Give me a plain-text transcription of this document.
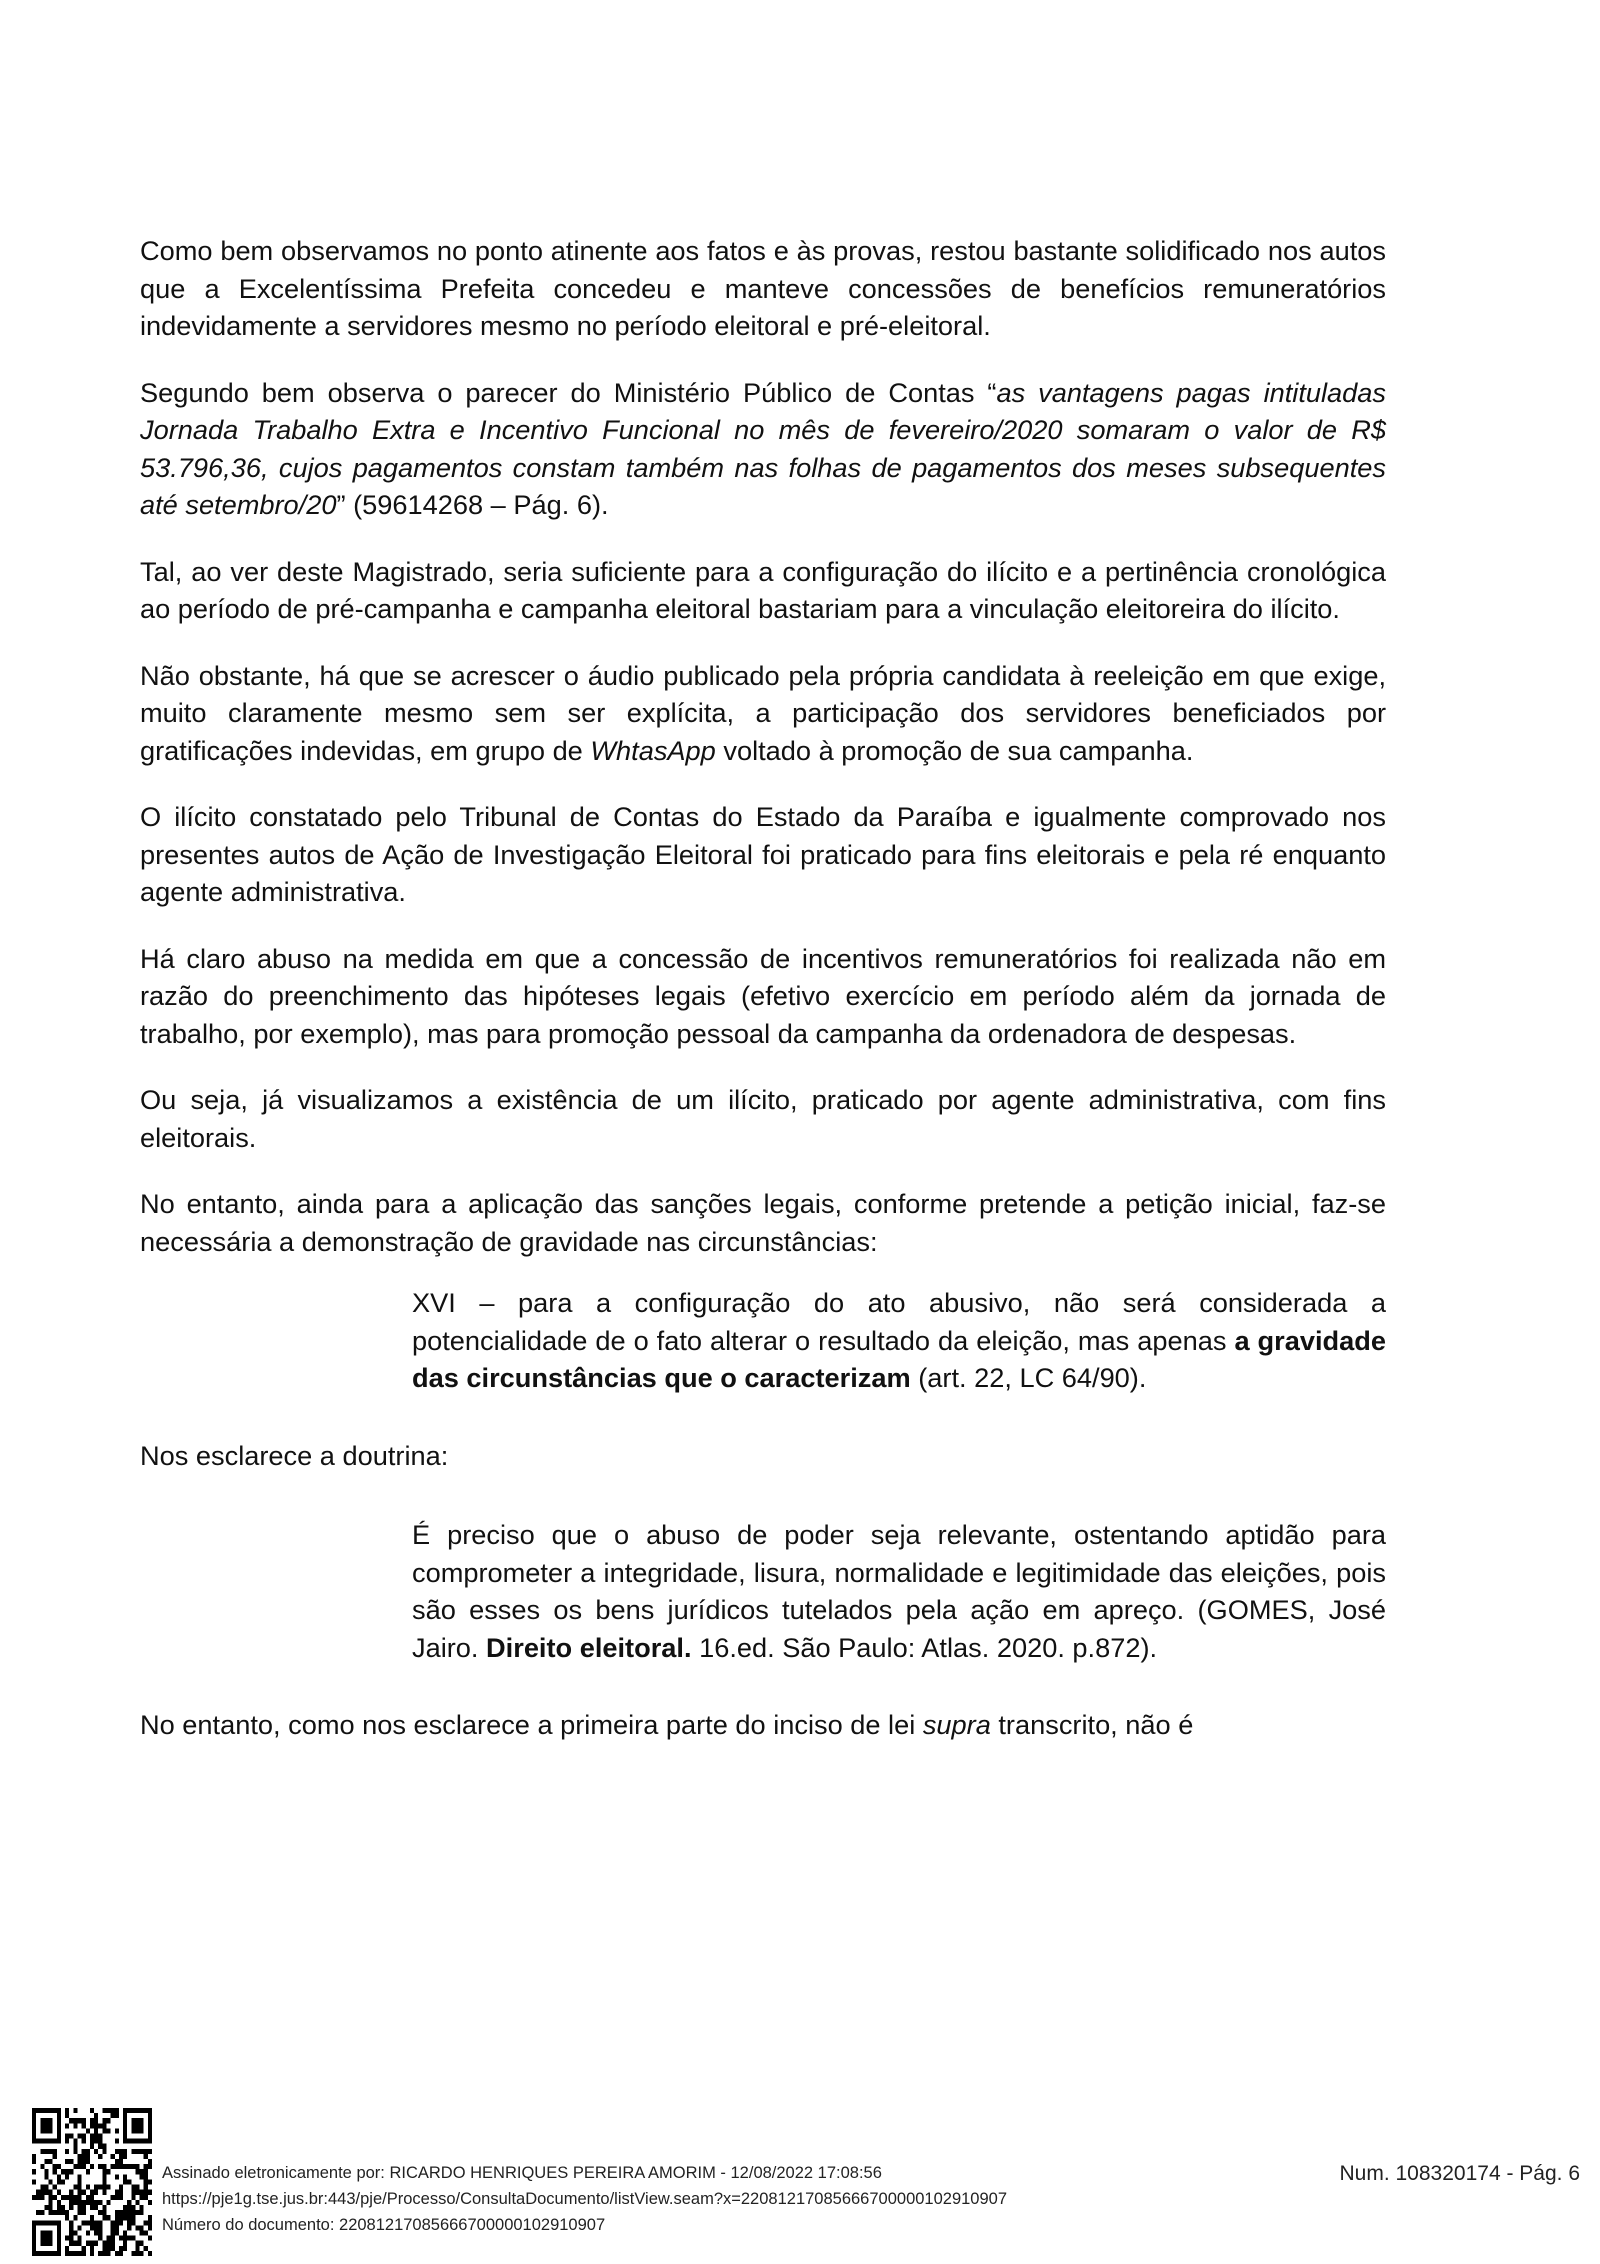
Como bem observamos no ponto atinente aos fatos e às provas, restou bastante solidificado nos autos que a Excelentíssima Prefeita concedeu e manteve concessões de benefícios remuneratórios indevidamente a servidores mesmo no período eleitoral e pré-eleitoral.

Segundo bem observa o parecer do Ministério Público de Contas “as vantagens pagas intituladas Jornada Trabalho Extra e Incentivo Funcional no mês de fevereiro/2020 somaram o valor de R$ 53.796,36, cujos pagamentos constam também nas folhas de pagamentos dos meses subsequentes até setembro/20” (59614268 – Pág. 6).

Tal, ao ver deste Magistrado, seria suficiente para a configuração do ilícito e a pertinência cronológica ao período de pré-campanha e campanha eleitoral bastariam para a vinculação eleitoreira do ilícito.

Não obstante, há que se acrescer o áudio publicado pela própria candidata à reeleição em que exige, muito claramente mesmo sem ser explícita, a participação dos servidores beneficiados por gratificações indevidas, em grupo de WhtasApp voltado à promoção de sua campanha.

O ilícito constatado pelo Tribunal de Contas do Estado da Paraíba e igualmente comprovado nos presentes autos de Ação de Investigação Eleitoral foi praticado para fins eleitorais e pela ré enquanto agente administrativa.

Há claro abuso na medida em que a concessão de incentivos remuneratórios foi realizada não em razão do preenchimento das hipóteses legais (efetivo exercício em período além da jornada de trabalho, por exemplo), mas para promoção pessoal da campanha da ordenadora de despesas.

Ou seja, já visualizamos a existência de um ilícito, praticado por agente administrativa, com fins eleitorais.

No entanto, ainda para a aplicação das sanções legais, conforme pretende a petição inicial, faz-se necessária a demonstração de gravidade nas circunstâncias:

XVI – para a configuração do ato abusivo, não será considerada a potencialidade de o fato alterar o resultado da eleição, mas apenas a gravidade das circunstâncias que o caracterizam (art. 22, LC 64/90).

Nos esclarece a doutrina:

É preciso que o abuso de poder seja relevante, ostentando aptidão para comprometer a integridade, lisura, normalidade e legitimidade das eleições, pois são esses os bens jurídicos tutelados pela ação em apreço. (GOMES, José Jairo. Direito eleitoral. 16.ed. São Paulo: Atlas. 2020. p.872).

No entanto, como nos esclarece a primeira parte do inciso de lei supra transcrito, não é

Assinado eletronicamente por: RICARDO HENRIQUES PEREIRA AMORIM - 12/08/2022 17:08:56
https://pje1g.tse.jus.br:443/pje/Processo/ConsultaDocumento/listView.seam?x=22081217085666700000102910907
Número do documento: 22081217085666700000102910907
Num. 108320174 - Pág. 6
